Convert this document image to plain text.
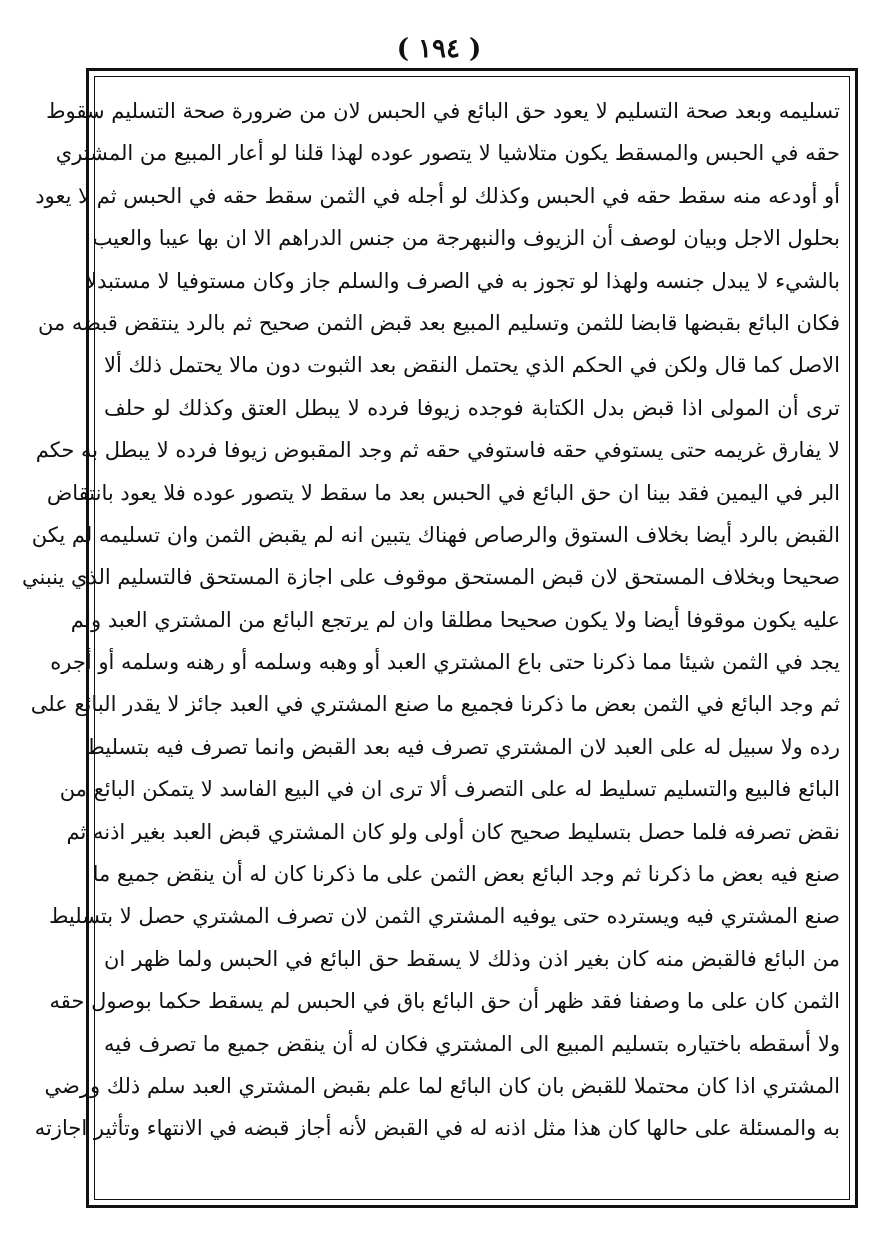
( ١٩٤ )
تسليمه وبعد صحة التسليم لا يعود حق البائع في الحبس لان من ضرورة صحة التسليم سقوط
حقه في الحبس والمسقط يكون متلاشيا لا يتصور عوده لهذا قلنا لو أعار المبيع من المشتري
أو أودعه منه سقط حقه في الحبس وكذلك لو أجله في الثمن سقط حقه في الحبس ثم لا يعود
بحلول الاجل وبيان لوصف أن الزيوف والنبهرجة من جنس الدراهم الا ان بها عيبا والعيب
بالشيء لا يبدل جنسه ولهذا لو تجوز به في الصرف والسلم جاز وكان مستوفيا لا مستبدلا
فكان البائع بقبضها قابضا للثمن وتسليم المبيع بعد قبض الثمن صحيح ثم بالرد ينتقض قبضه من
الاصل كما قال ولكن في الحكم الذي يحتمل النقض بعد الثبوت دون مالا يحتمل ذلك ألا
ترى أن المولى اذا قبض بدل الكتابة فوجده زيوفا فرده لا يبطل العتق وكذلك لو حلف
لا يفارق غريمه حتى يستوفي حقه فاستوفي حقه ثم وجد المقبوض زيوفا فرده لا يبطل به حكم
البر في اليمين فقد بينا ان حق البائع في الحبس بعد ما سقط لا يتصور عوده فلا يعود بانتقاض
القبض بالرد أيضا بخلاف الستوق والرصاص فهناك يتبين انه لم يقبض الثمن وان تسليمه لم يكن
صحيحا وبخلاف المستحق لان قبض المستحق موقوف على اجازة المستحق فالتسليم الذي ينبني
عليه يكون موقوفا أيضا ولا يكون صحيحا مطلقا وان لم يرتجع البائع من المشتري العبد ولم
يجد في الثمن شيئا مما ذكرنا حتى باع المشتري العبد أو وهبه وسلمه أو رهنه وسلمه أو أجره
ثم وجد البائع في الثمن بعض ما ذكرنا فجميع ما صنع المشتري في العبد جائز لا يقدر البائع على
رده ولا سبيل له على العبد لان المشتري تصرف فيه بعد القبض وانما تصرف فيه بتسليط
البائع فالبيع والتسليم تسليط له على التصرف ألا ترى ان في البيع الفاسد لا يتمكن البائع من
نقض تصرفه فلما حصل بتسليط صحيح كان أولى ولو كان المشتري قبض العبد بغير اذنه ثم
صنع فيه بعض ما ذكرنا ثم وجد البائع بعض الثمن على ما ذكرنا كان له أن ينقض جميع ما
صنع المشتري فيه ويسترده حتى يوفيه المشتري الثمن لان تصرف المشتري حصل لا بتسليط
من البائع فالقبض منه كان بغير اذن وذلك لا يسقط حق البائع في الحبس ولما ظهر ان
الثمن كان على ما وصفنا فقد ظهر أن حق البائع باق في الحبس لم يسقط حكما بوصول حقه
ولا أسقطه باختياره بتسليم المبيع الى المشتري فكان له أن ينقض جميع ما تصرف فيه
المشتري اذا كان محتملا للقبض بان كان البائع لما علم بقبض المشتري العبد سلم ذلك ورضي
به والمسئلة على حالها كان هذا مثل اذنه له في القبض لأنه أجاز قبضه في الانتهاء وتأثير اجازته
